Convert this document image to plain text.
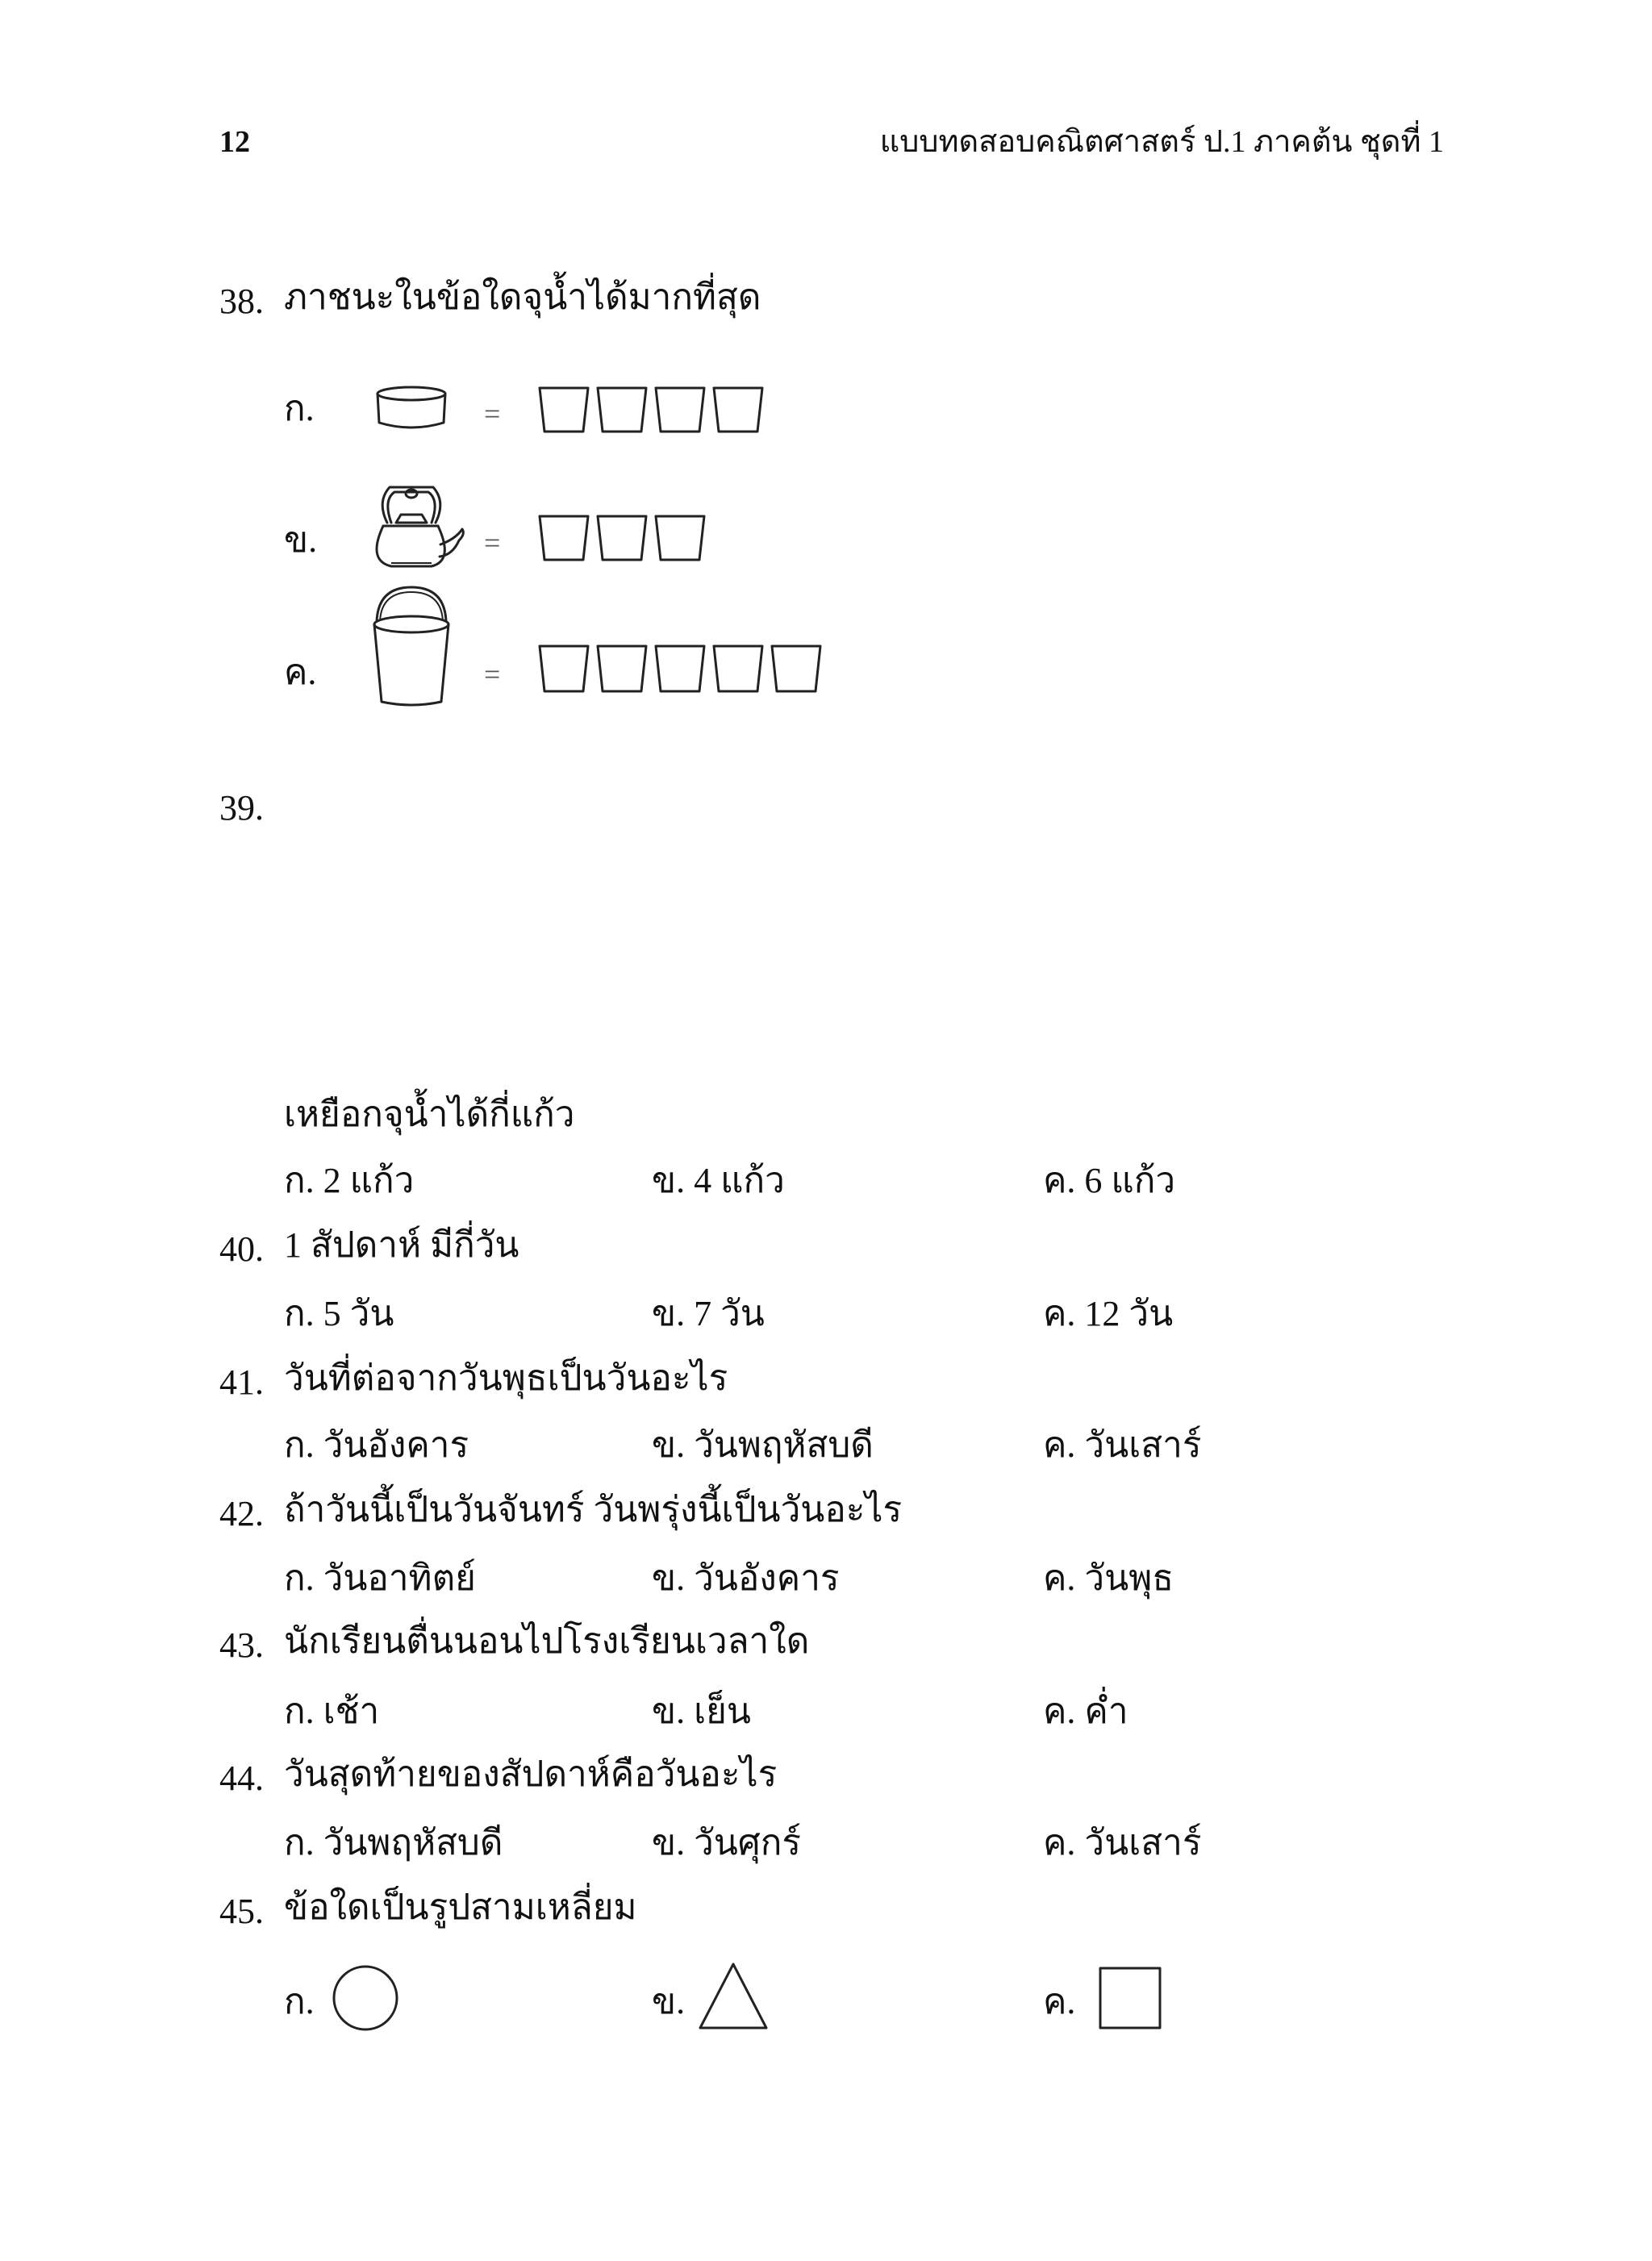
12	แบบทดสอบคณิตศาสตร์ ป.1 ภาคต้น ชุดที่ 1
38. ภาชนะในข้อใดจุน้ำได้มากที่สุด
ก.	=
ข.	=
ค.	=
39.
เหยือกจุน้ำได้กี่แก้ว
ก. 2 แก้ว	ข. 4 แก้ว	ค. 6 แก้ว
40. 1 สัปดาห์ มีกี่วัน
ก. 5 วัน	ข. 7 วัน	ค. 12 วัน
41. วันที่ต่อจากวันพุธเป็นวันอะไร
ก. วันอังคาร	ข. วันพฤหัสบดี	ค. วันเสาร์
42. ถ้าวันนี้เป็นวันจันทร์ วันพรุ่งนี้เป็นวันอะไร
ก. วันอาทิตย์	ข. วันอังคาร	ค. วันพุธ
43. นักเรียนตื่นนอนไปโรงเรียนเวลาใด
ก. เช้า	ข. เย็น	ค. ค่ำ
44. วันสุดท้ายของสัปดาห์คือวันอะไร
ก. วันพฤหัสบดี	ข. วันศุกร์	ค. วันเสาร์
45. ข้อใดเป็นรูปสามเหลี่ยม
ก.	ข.	ค.
